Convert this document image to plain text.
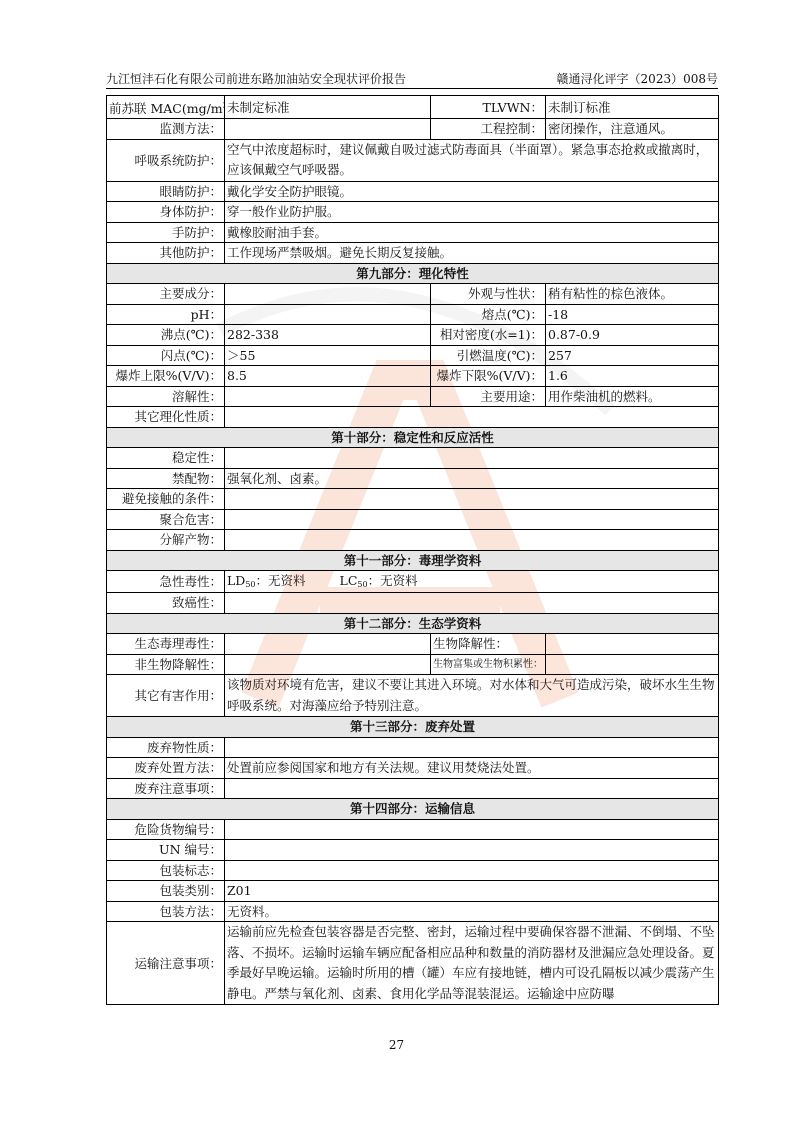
九江恒沣石化有限公司前进东路加油站安全现状评价报告	赣通浔化评字（2023）008号
前苏联 MAC(mg/m	未制定标准	TLVWN：	未制订标准
监测方法：		工程控制：	密闭操作，注意通风。
呼吸系统防护：	空气中浓度超标时，建议佩戴自吸过滤式防毒面具（半面罩）。紧急事态抢救或撤离时，应该佩戴空气呼吸器。		
眼睛防护：	戴化学安全防护眼镜。		
身体防护：	穿一般作业防护服。		
手防护：	戴橡胶耐油手套。		
其他防护：	工作现场严禁吸烟。避免长期反复接触。		
第九部分：理化特性			
主要成分：		外观与性状：	稍有粘性的棕色液体。
pH：		熔点(℃)：	-18
沸点(℃)：	282-338	相对密度(水=1)：	0.87-0.9
闪点(℃)：	＞55	引燃温度(℃)：	257
爆炸上限%(V/V)：	8.5	爆炸下限%(V/V)：	1.6
溶解性：		主要用途：	用作柴油机的燃料。
其它理化性质：			
第十部分：稳定性和反应活性			
稳定性：			
禁配物：	强氧化剂、卤素。		
避免接触的条件：			
聚合危害：			
分解产物：			
第十一部分：毒理学资料			
急性毒性：	$LD_{50}$：无资料 $LC_{50}$：无资料		
致癌性：			
第十二部分：生态学资料			
生态毒理毒性：		生物降解性：	
非生物降解性：		生物富集或生物积累性：	
其它有害作用：	该物质对环境有危害，建议不要让其进入环境。对水体和大气可造成污染，破坏水生生物呼吸系统。对海藻应给予特别注意。		
第十三部分：废弃处置			
废弃物性质：			
废弃处置方法：	处置前应参阅国家和地方有关法规。建议用焚烧法处置。		
废弃注意事项：			
第十四部分：运输信息			
危险货物编号：			
UN 编号：			
包装标志：			
包装类别：	Z01		
包装方法：	无资料。		
运输注意事项：	运输前应先检查包装容器是否完整、密封，运输过程中要确保容器不泄漏、不倒塌、不坠落、不损坏。运输时运输车辆应配备相应品种和数量的消防器材及泄漏应急处理设备。夏季最好早晚运输。运输时所用的槽（罐）车应有接地链，槽内可设孔隔板以减少震荡产生静电。严禁与氧化剂、卤素、食用化学品等混装混运。运输途中应防曝		
27
